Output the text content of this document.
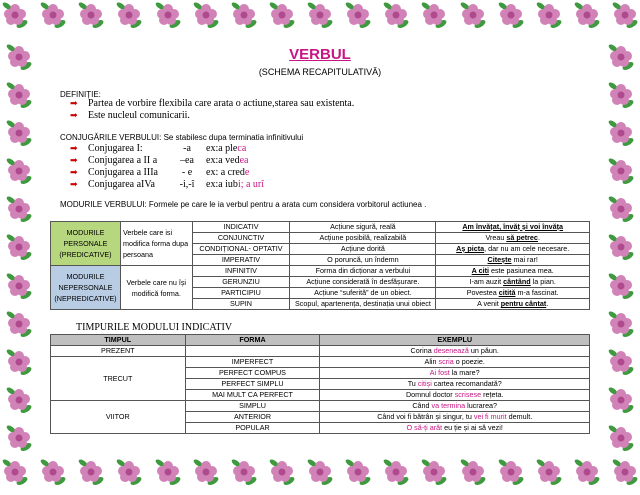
VERBUL
(SCHEMA RECAPITULATIVĂ)
DEFINIȚIE:
➡ Partea de vorbire flexibila care arata o actiune,starea sau existenta.
➡ Este nucleul comunicarii.
CONJUGĂRILE VERBULUI: Se stabilesc dupa terminatia infinitivului
➡ Conjugarea I:	-a ex:a pleca
➡ Conjugarea a II a –ea ex:a vedea
➡ Conjugarea a IIIa - e ex: a crede
➡ Conjugarea aIVa -i,-î ex:a iubi; a urî
MODURILE VERBULUI: Formele pe care le ia verbul pentru a arata cum considera vorbitorul actiunea .
MODURILE PERSONALE (PREDICATIVE)	Verbele care isi modifica forma dupa persoana	INDICATIV	Acțiune sigură, reală	Am învățat, învăț și voi învăța
		CONJUNCTIV	Acțiune posibilă, realizabilă	Vreau să petrec.
		CONDIȚIONAL- OPTATIV	Acțiune dorită	Aș picta, dar nu am cele necesare.
		IMPERATIV	O poruncă, un îndemn	Citește mai rar!
MODURILE NEPERSONALE (NEPREDICATIVE)	Verbele care nu își modifică forma.	INFINITIV	Forma din dicționar a verbului	A citi este pasiunea mea.
		GERUNZIU	Acțiune considerată în desfășurare.	I-am auzit cântând la pian.
		PARTICIPIU	Acțiune “suferită” de un obiect.	Povestea citită m-a fascinat.
		SUPIN	Scopul, apartenența, destinația unui obiect	A venit pentru cântat.
TIMPURILE MODULUI INDICATIV
TIMPUL	FORMA	EXEMPLU
PREZENT		Corina desenează un păun.
TRECUT	IMPERFECT	Alin scria o poezie.
	PERFECT COMPUS	Ai fost la mare?
	PERFECT SIMPLU	Tu citiși cartea recomandată?
	MAI MULT CA PERFECT	Domnul doctor scrisese rețeta.
VIITOR	SIMPLU	Când va termina lucrarea?
	ANTERIOR	Când voi fi bătrân și singur, tu vei fi murit demult.
	POPULAR	O să-ți arăt eu ție și ai să vezi!
